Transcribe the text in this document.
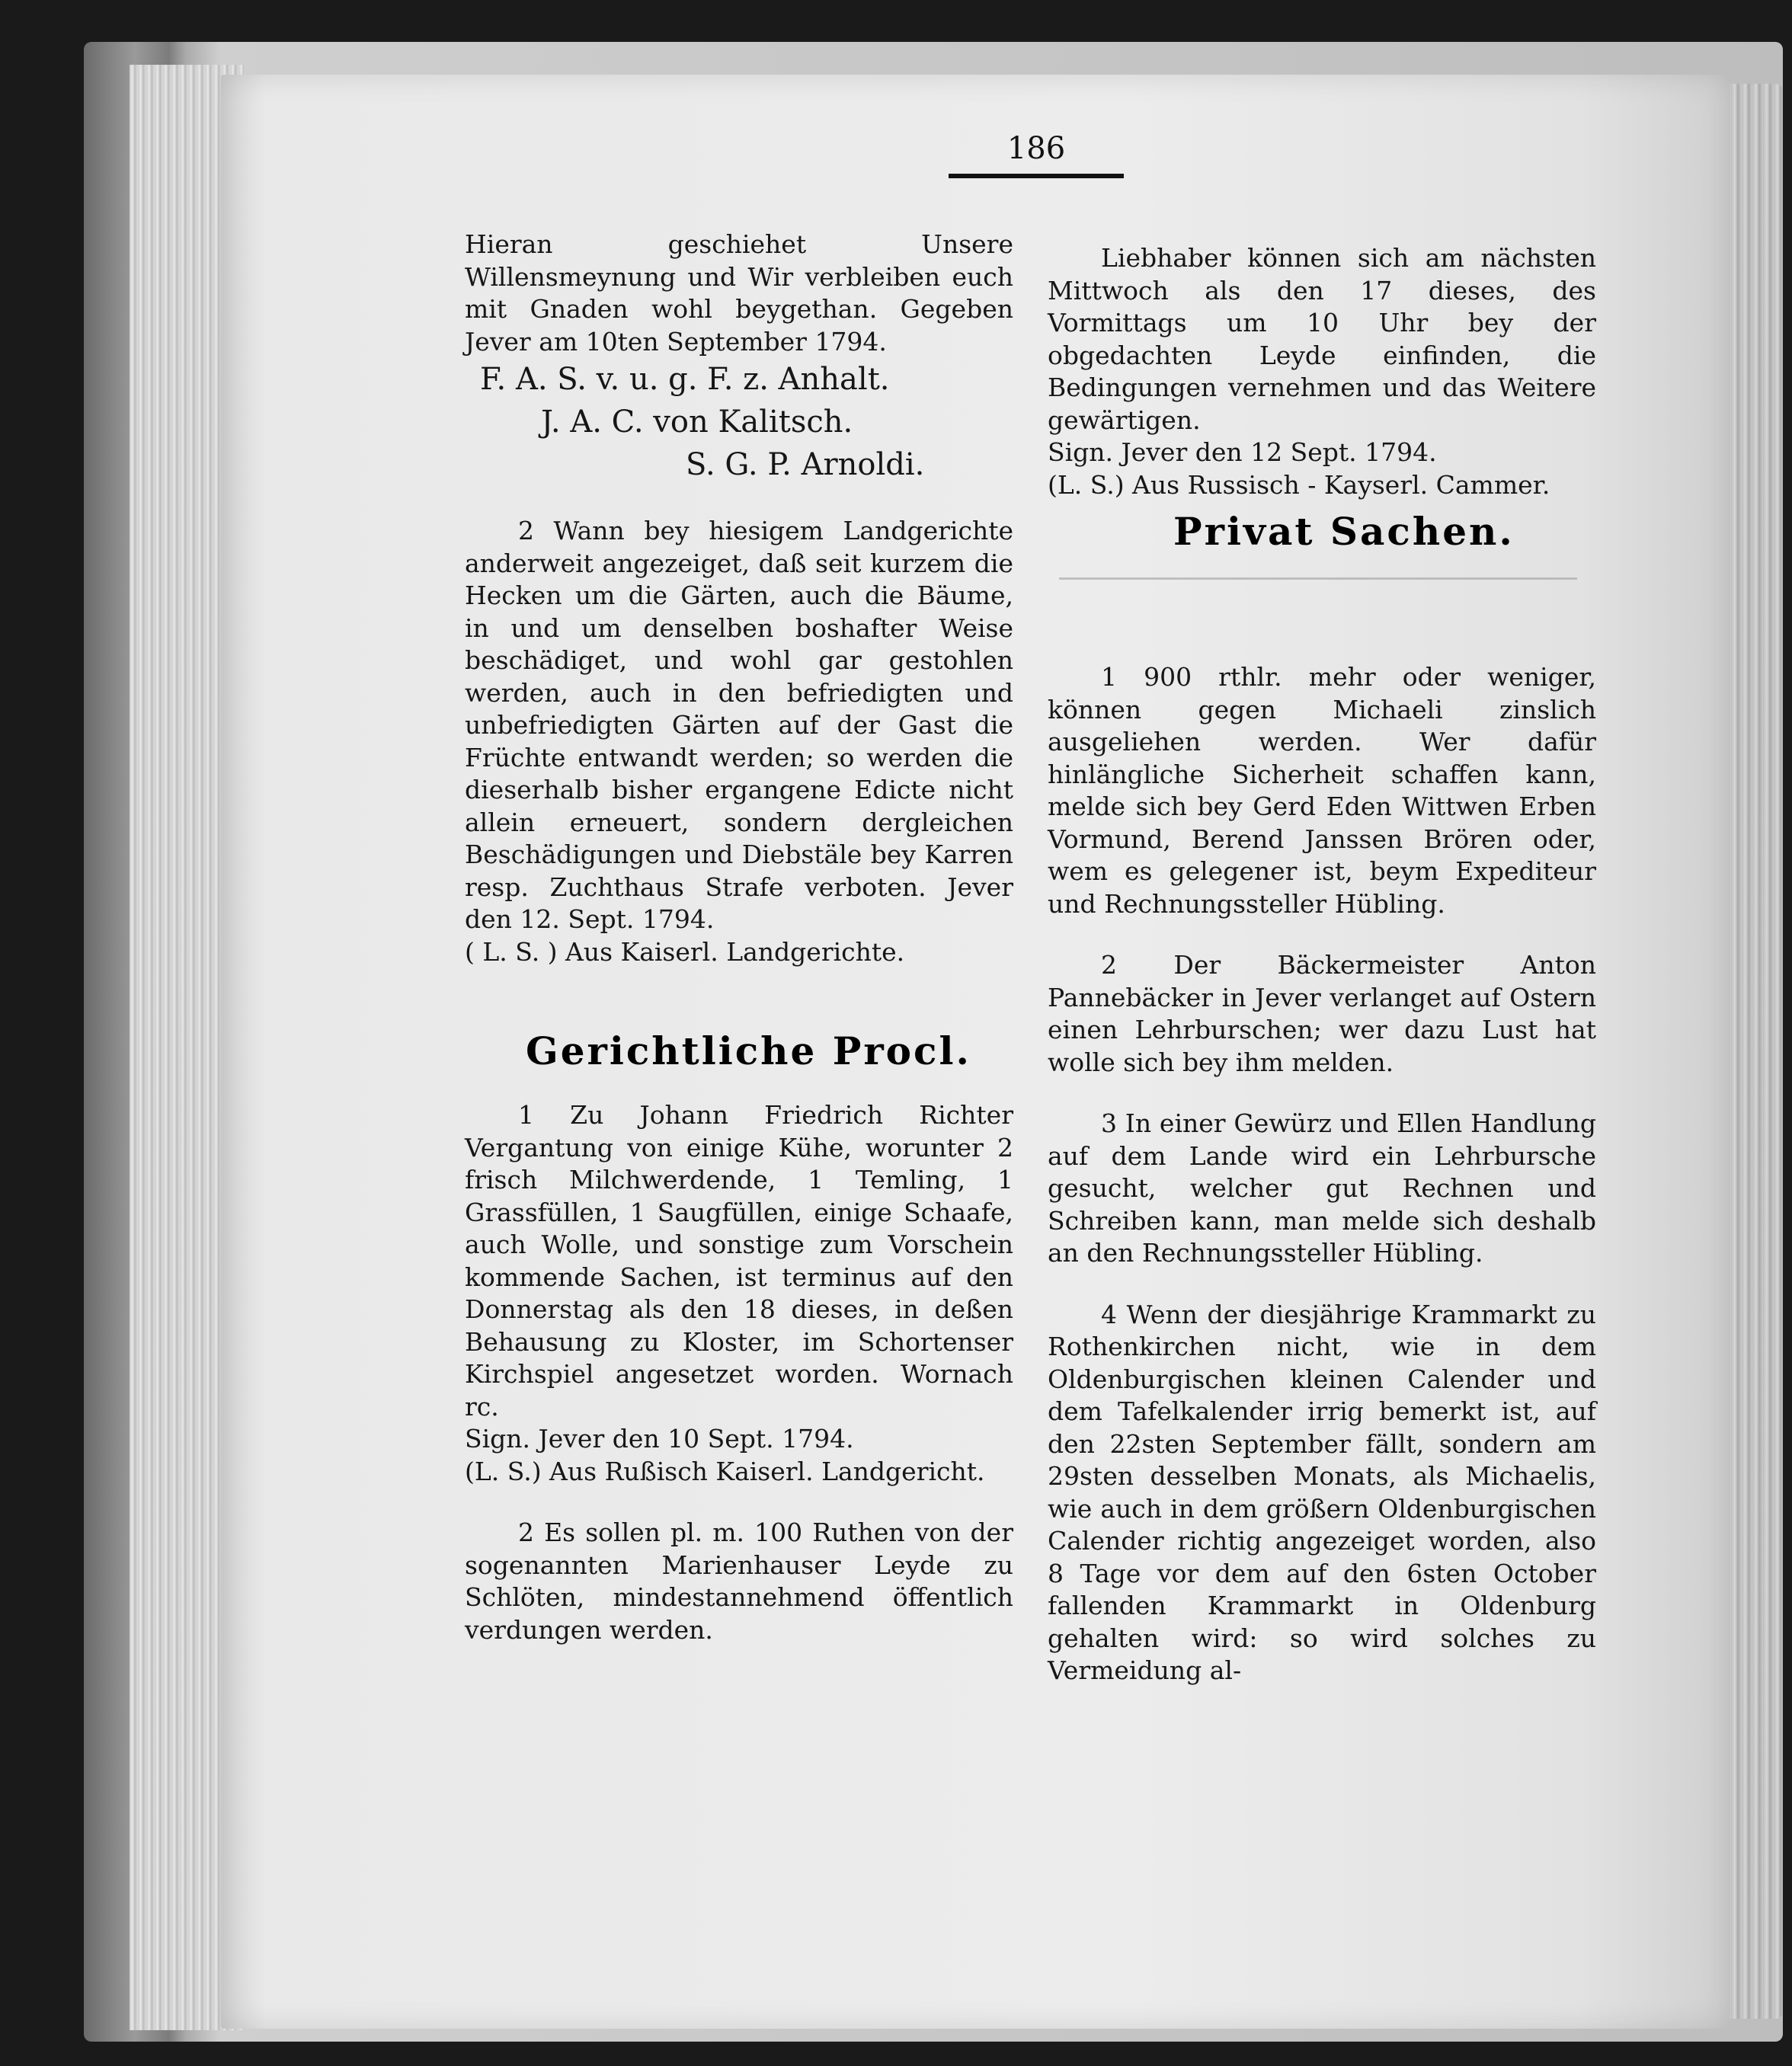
186

Hieran geschiehet Unsere Willensmeynung und Wir verbleiben euch mit Gnaden wohl beygethan. Gegeben Jever am 10ten September 1794.

F. A. S. v. u. g. F. z. Anhalt.

J. A. C. von Kalitsch.

S. G. P. Arnoldi.

2 Wann bey hiesigem Landgerichte anderweit angezeiget, daß seit kurzem die Hecken um die Gärten, auch die Bäume, in und um denselben boshafter Weise beschädiget, und wohl gar gestohlen werden, auch in den befriedigten und unbefriedigten Gärten auf der Gast die Früchte entwandt werden; so werden die dieserhalb bisher ergangene Edicte nicht allein erneuert, sondern dergleichen Beschädigungen und Diebstäle bey Karren resp. Zuchthaus Strafe verboten. Jever den 12. Sept. 1794.

( L. S. ) Aus Kaiserl. Landgerichte.

1 Zu Johann Friedrich Richter Vergantung von einige Kühe, worunter 2 frisch Milchwerdende, 1 Temling, 1 Grassfüllen, 1 Saugfüllen, einige Schaafe, auch Wolle, und sonstige zum Vorschein kommende Sachen, ist terminus auf den Donnerstag als den 18 dieses, in deßen Behausung zu Kloster, im Schortenser Kirchspiel angesetzet worden. Wornach rc.

Sign. Jever den 10 Sept. 1794.

(L. S.) Aus Rußisch Kaiserl. Landgericht.

2 Es sollen pl. m. 100 Ruthen von der sogenannten Marienhauser Leyde zu Schlöten, mindestannehmend öffentlich verdungen werden.

Gerichtliche Procl.

Liebhaber können sich am nächsten Mittwoch als den 17 dieses, des Vormittags um 10 Uhr bey der obgedachten Leyde einfinden, die Bedingungen vernehmen und das Weitere gewärtigen.

Sign. Jever den 12 Sept. 1794.

(L. S.) Aus Russisch - Kayserl. Cammer.

1 900 rthlr. mehr oder weniger, können gegen Michaeli zinslich ausgeliehen werden. Wer dafür hinlängliche Sicherheit schaffen kann, melde sich bey Gerd Eden Wittwen Erben Vormund, Berend Janssen Brören oder, wem es gelegener ist, beym Expediteur und Rechnungssteller Hübling.

2 Der Bäckermeister Anton Pannebäcker in Jever verlanget auf Ostern einen Lehrburschen; wer dazu Lust hat wolle sich bey ihm melden.

3 In einer Gewürz und Ellen Handlung auf dem Lande wird ein Lehrbursche gesucht, welcher gut Rechnen und Schreiben kann, man melde sich deshalb an den Rechnungssteller Hübling.

4 Wenn der diesjährige Krammarkt zu Rothenkirchen nicht, wie in dem Oldenburgischen kleinen Calender und dem Tafelkalender irrig bemerkt ist, auf den 22sten September fällt, sondern am 29sten desselben Monats, als Michaelis, wie auch in dem größern Oldenburgischen Calender richtig angezeiget worden, also 8 Tage vor dem auf den 6sten October fallenden Krammarkt in Oldenburg gehalten wird: so wird solches zu Vermeidung al-

Privat Sachen.
